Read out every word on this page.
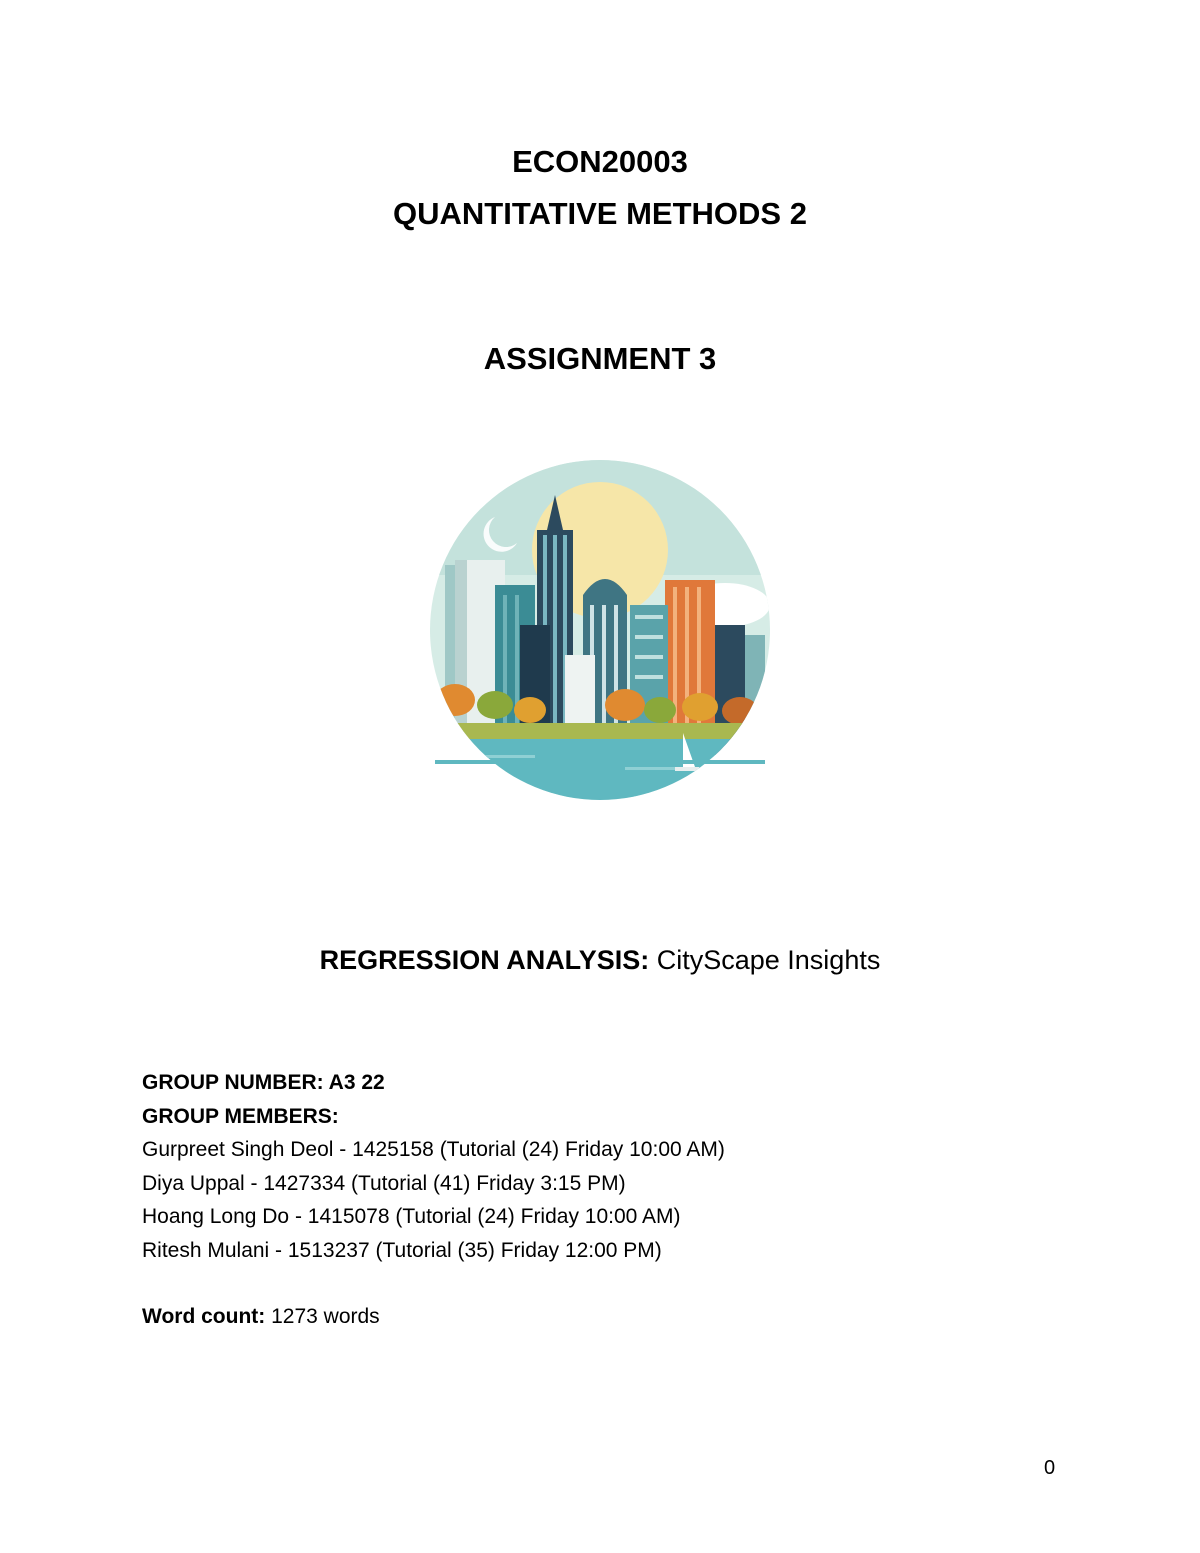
ECON20003
QUANTITATIVE METHODS 2
ASSIGNMENT 3
REGRESSION ANALYSIS: CityScape Insights
GROUP NUMBER: A3 22
GROUP MEMBERS:
Gurpreet Singh Deol - 1425158 (Tutorial (24) Friday 10:00 AM)
Diya Uppal - 1427334 (Tutorial (41) Friday 3:15 PM)
Hoang Long Do - 1415078 (Tutorial (24) Friday 10:00 AM)
Ritesh Mulani - 1513237 (Tutorial (35) Friday 12:00 PM)
Word count: 1273 words
0
